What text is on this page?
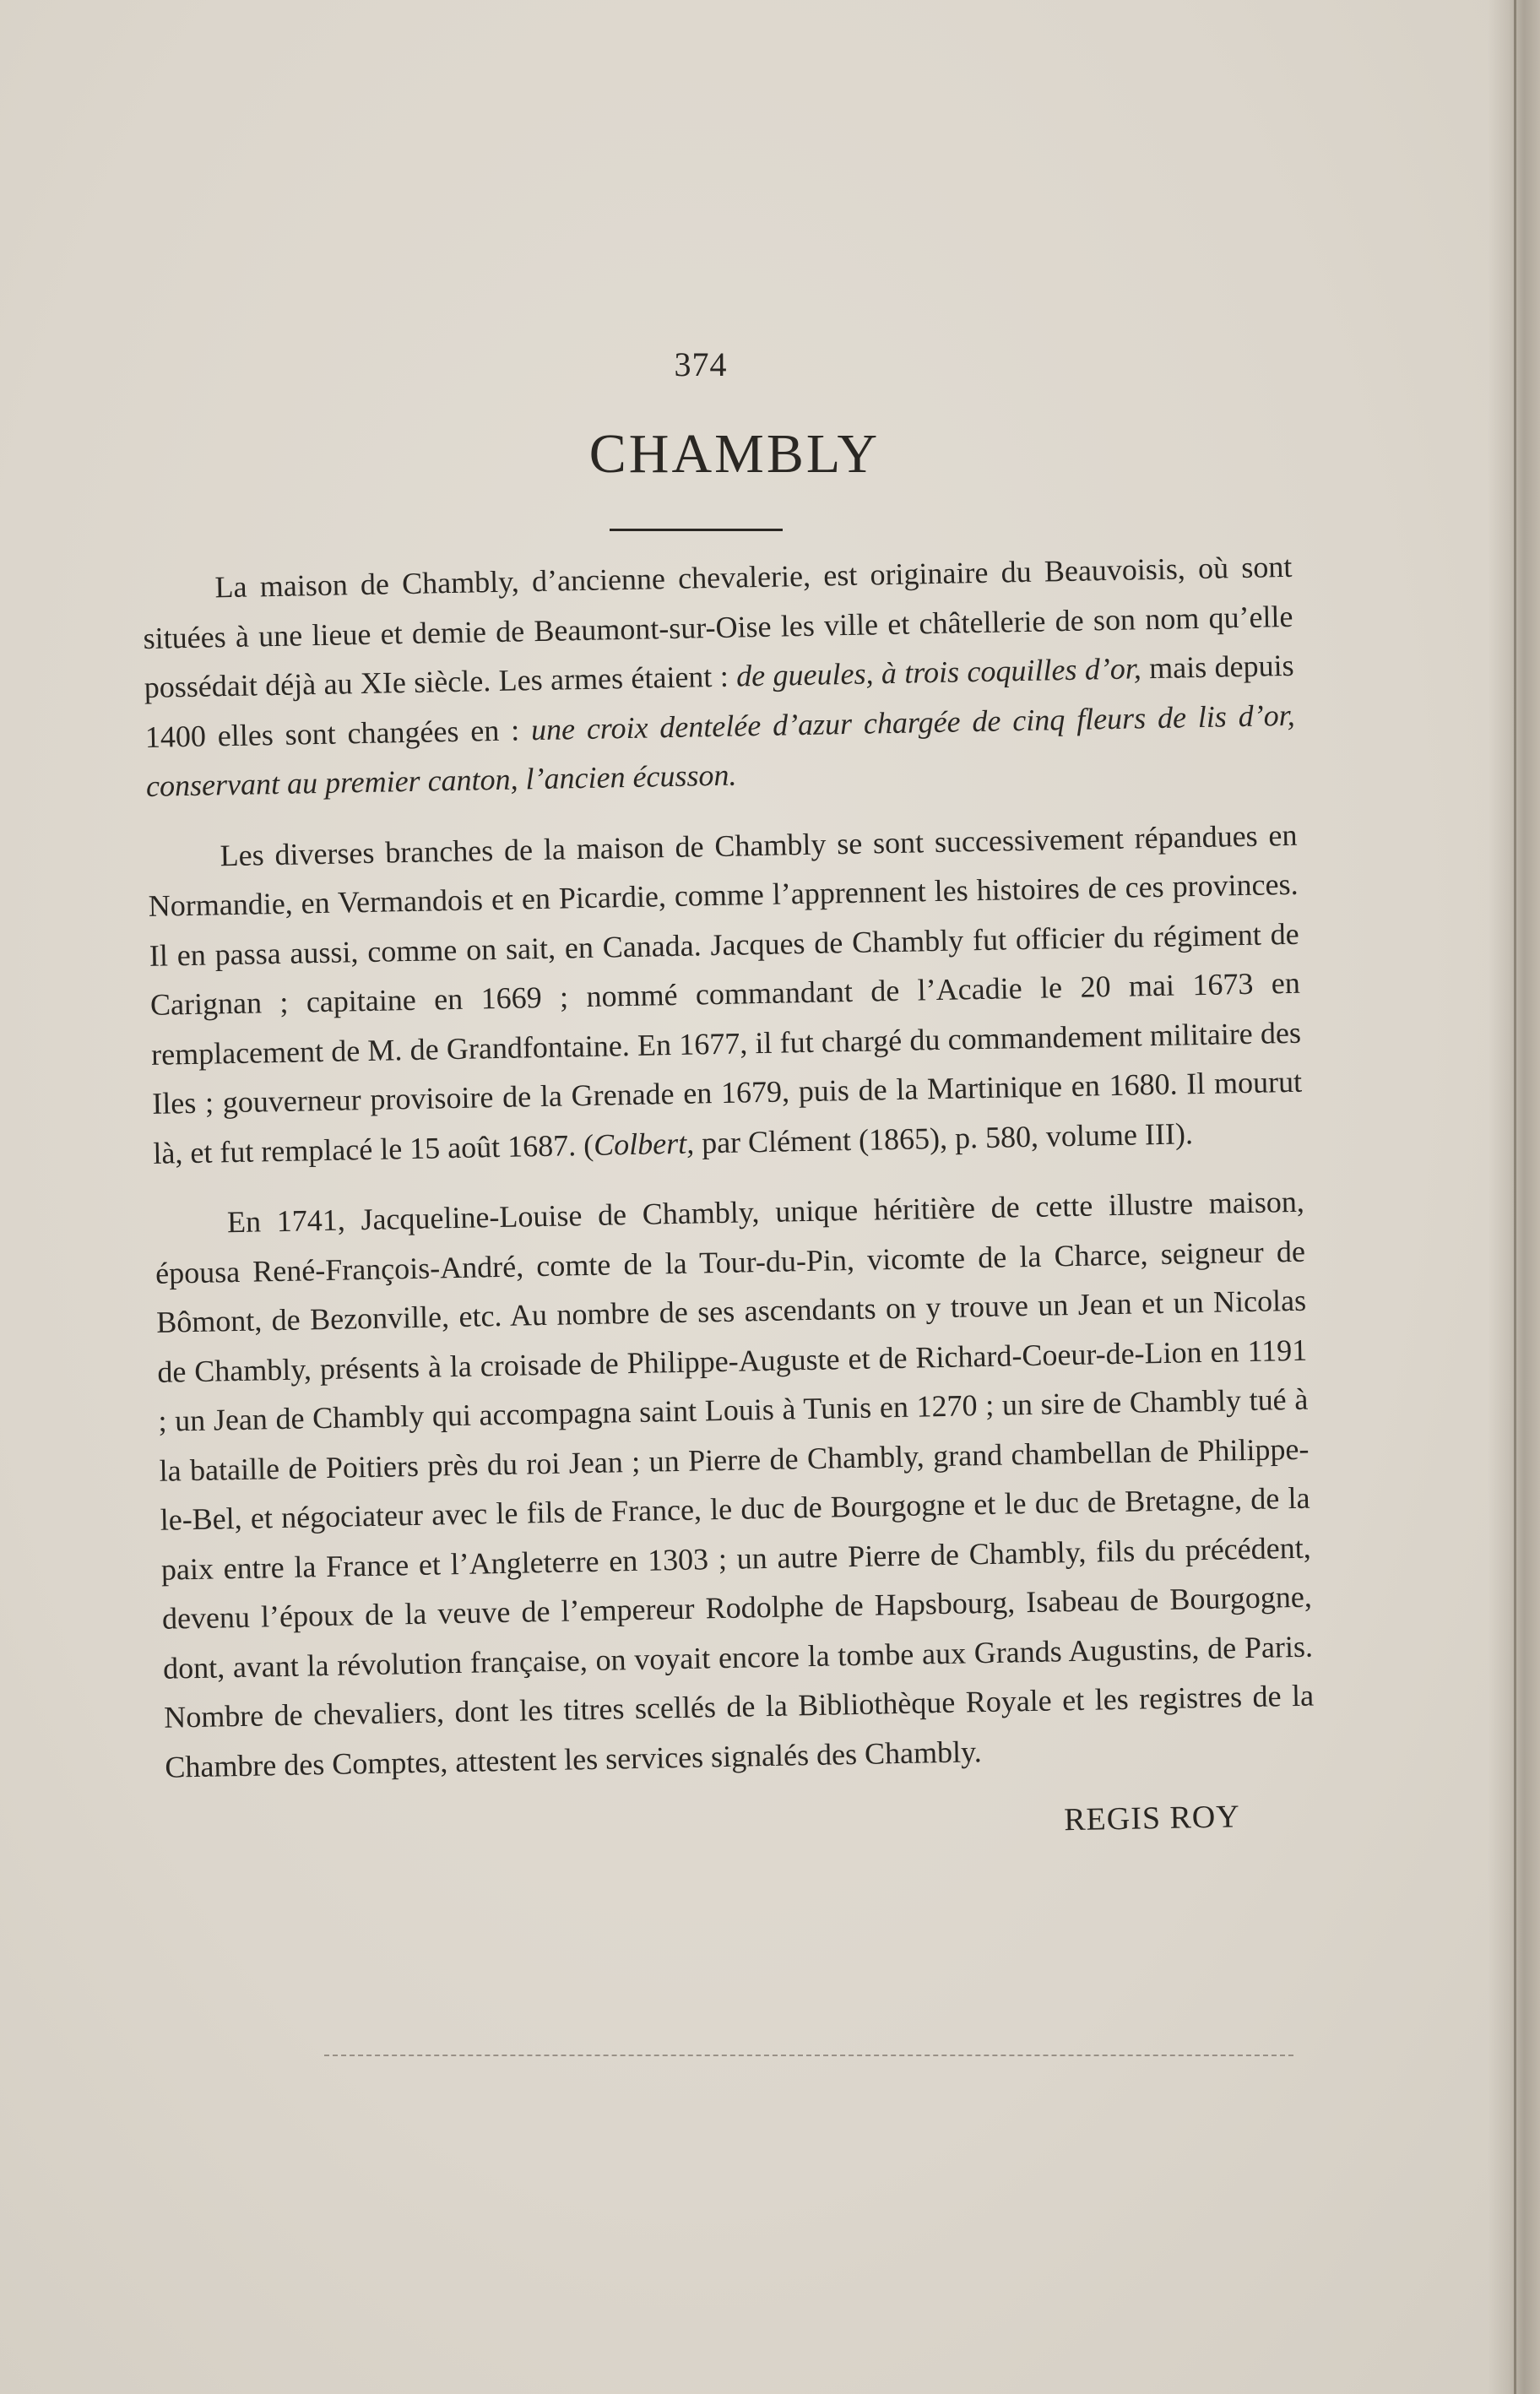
374
CHAMBLY

La maison de Chambly, d’ancienne chevalerie, est originaire du Beauvoisis, où sont situées à une lieue et demie de Beaumont-sur-Oise les ville et châtellerie de son nom qu’elle possédait déjà au XIe siècle. Les armes étaient : de gueules, à trois coquilles d’or, mais depuis 1400 elles sont changées en : une croix dentelée d’azur chargée de cinq fleurs de lis d’or, conservant au premier canton, l’ancien écusson.

Les diverses branches de la maison de Chambly se sont successivement répandues en Normandie, en Vermandois et en Picardie, comme l’apprennent les histoires de ces provinces. Il en passa aussi, comme on sait, en Canada. Jacques de Chambly fut officier du régiment de Carignan ; capitaine en 1669 ; nommé commandant de l’Acadie le 20 mai 1673 en remplacement de M. de Grandfontaine. En 1677, il fut chargé du commandement militaire des Iles ; gouverneur provisoire de la Grenade en 1679, puis de la Martinique en 1680. Il mourut là, et fut remplacé le 15 août 1687. (Colbert, par Clément (1865), p. 580, volume III).

En 1741, Jacqueline-Louise de Chambly, unique héritière de cette illustre maison, épousa René-François-André, comte de la Tour-du-Pin, vicomte de la Charce, seigneur de Bômont, de Bezonville, etc. Au nombre de ses ascendants on y trouve un Jean et un Nicolas de Chambly, présents à la croisade de Philippe-Auguste et de Richard-Coeur-de-Lion en 1191 ; un Jean de Chambly qui accompagna saint Louis à Tunis en 1270 ; un sire de Chambly tué à la bataille de Poitiers près du roi Jean ; un Pierre de Chambly, grand chambellan de Philippe-le-Bel, et négociateur avec le fils de France, le duc de Bourgogne et le duc de Bretagne, de la paix entre la France et l’Angleterre en 1303 ; un autre Pierre de Chambly, fils du précédent, devenu l’époux de la veuve de l’empereur Rodolphe de Hapsbourg, Isabeau de Bourgogne, dont, avant la révolution française, on voyait encore la tombe aux Grands Augustins, de Paris. Nombre de chevaliers, dont les titres scellés de la Bibliothèque Royale et les registres de la Chambre des Comptes, attestent les services signalés des Chambly.

REGIS ROY
